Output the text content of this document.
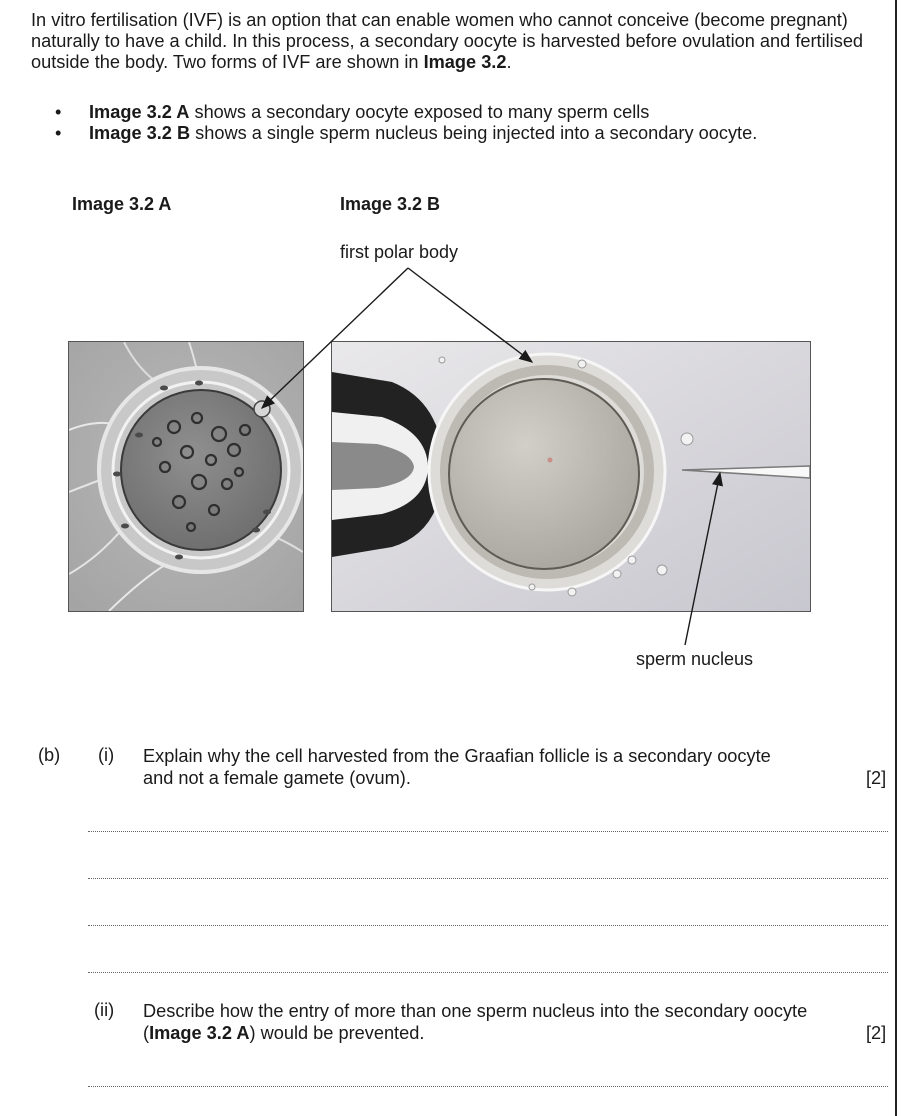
In vitro fertilisation (IVF) is an option that can enable women who cannot conceive (become pregnant) naturally to have a child. In this process, a secondary oocyte is harvested before ovulation and fertilised outside the body. Two forms of IVF are shown in Image 3.2.

•	Image 3.2 A shows a secondary oocyte exposed to many sperm cells
•	Image 3.2 B shows a single sperm nucleus being injected into a secondary oocyte.
Image 3.2 A	Image 3.2 B
first polar body
sperm nucleus
(b) (i) Explain why the cell harvested from the Graafian follicle is a secondary oocyte
and not a female gamete (ovum).	[2]
(ii) Describe how the entry of more than one sperm nucleus into the secondary oocyte
(Image 3.2 A) would be prevented.	[2]
